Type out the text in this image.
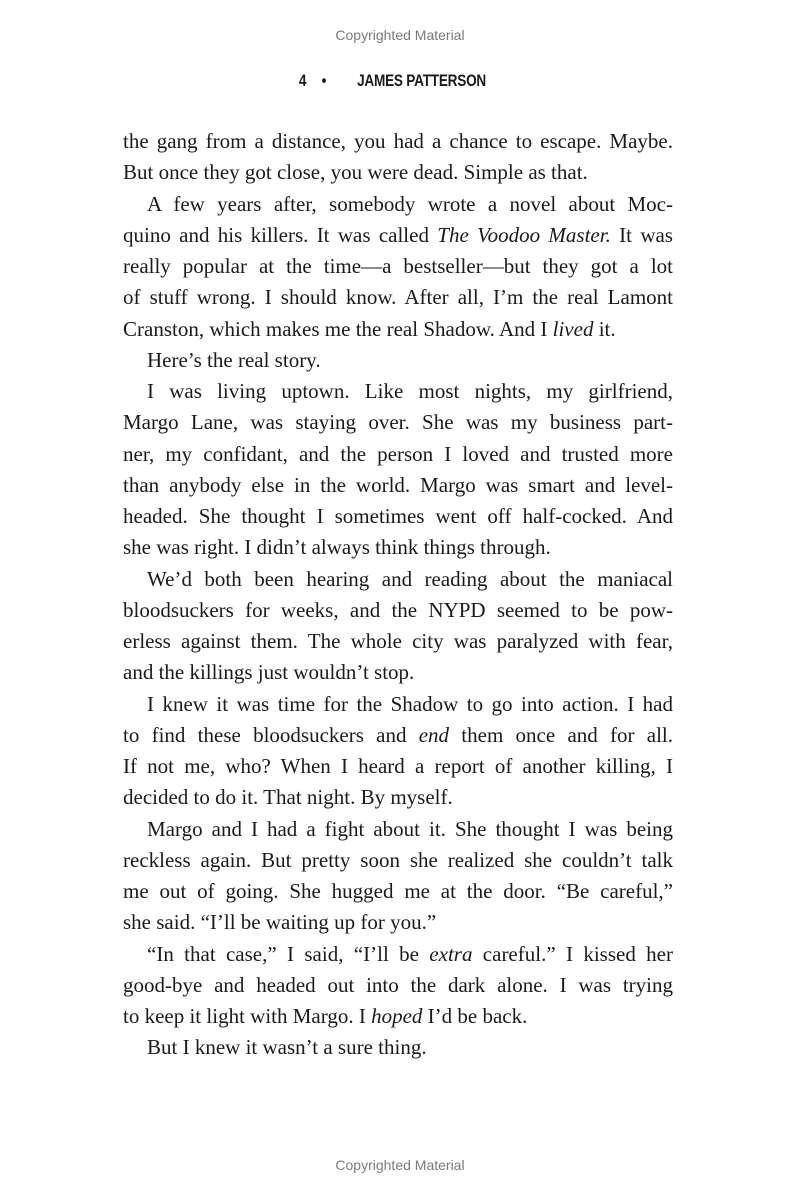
Copyrighted Material
4 • JAMES PATTERSON
the gang from a distance, you had a chance to escape. Maybe.
But once they got close, you were dead. Simple as that.
A few years after, somebody wrote a novel about Moc-
quino and his killers. It was called The Voodoo Master. It was
really popular at the time—a bestseller—but they got a lot
of stuff wrong. I should know. After all, I’m the real Lamont
Cranston, which makes me the real Shadow. And I lived it.
Here’s the real story.
I was living uptown. Like most nights, my girlfriend,
Margo Lane, was staying over. She was my business part-
ner, my confidant, and the person I loved and trusted more
than anybody else in the world. Margo was smart and level-
headed. She thought I sometimes went off half-cocked. And
she was right. I didn’t always think things through.
We’d both been hearing and reading about the maniacal
bloodsuckers for weeks, and the NYPD seemed to be pow-
erless against them. The whole city was paralyzed with fear,
and the killings just wouldn’t stop.
I knew it was time for the Shadow to go into action. I had
to find these bloodsuckers and end them once and for all.
If not me, who? When I heard a report of another killing, I
decided to do it. That night. By myself.
Margo and I had a fight about it. She thought I was being
reckless again. But pretty soon she realized she couldn’t talk
me out of going. She hugged me at the door. “Be careful,”
she said. “I’ll be waiting up for you.”
“In that case,” I said, “I’ll be extra careful.” I kissed her
good-bye and headed out into the dark alone. I was trying
to keep it light with Margo. I hoped I’d be back.
But I knew it wasn’t a sure thing.
Copyrighted Material
